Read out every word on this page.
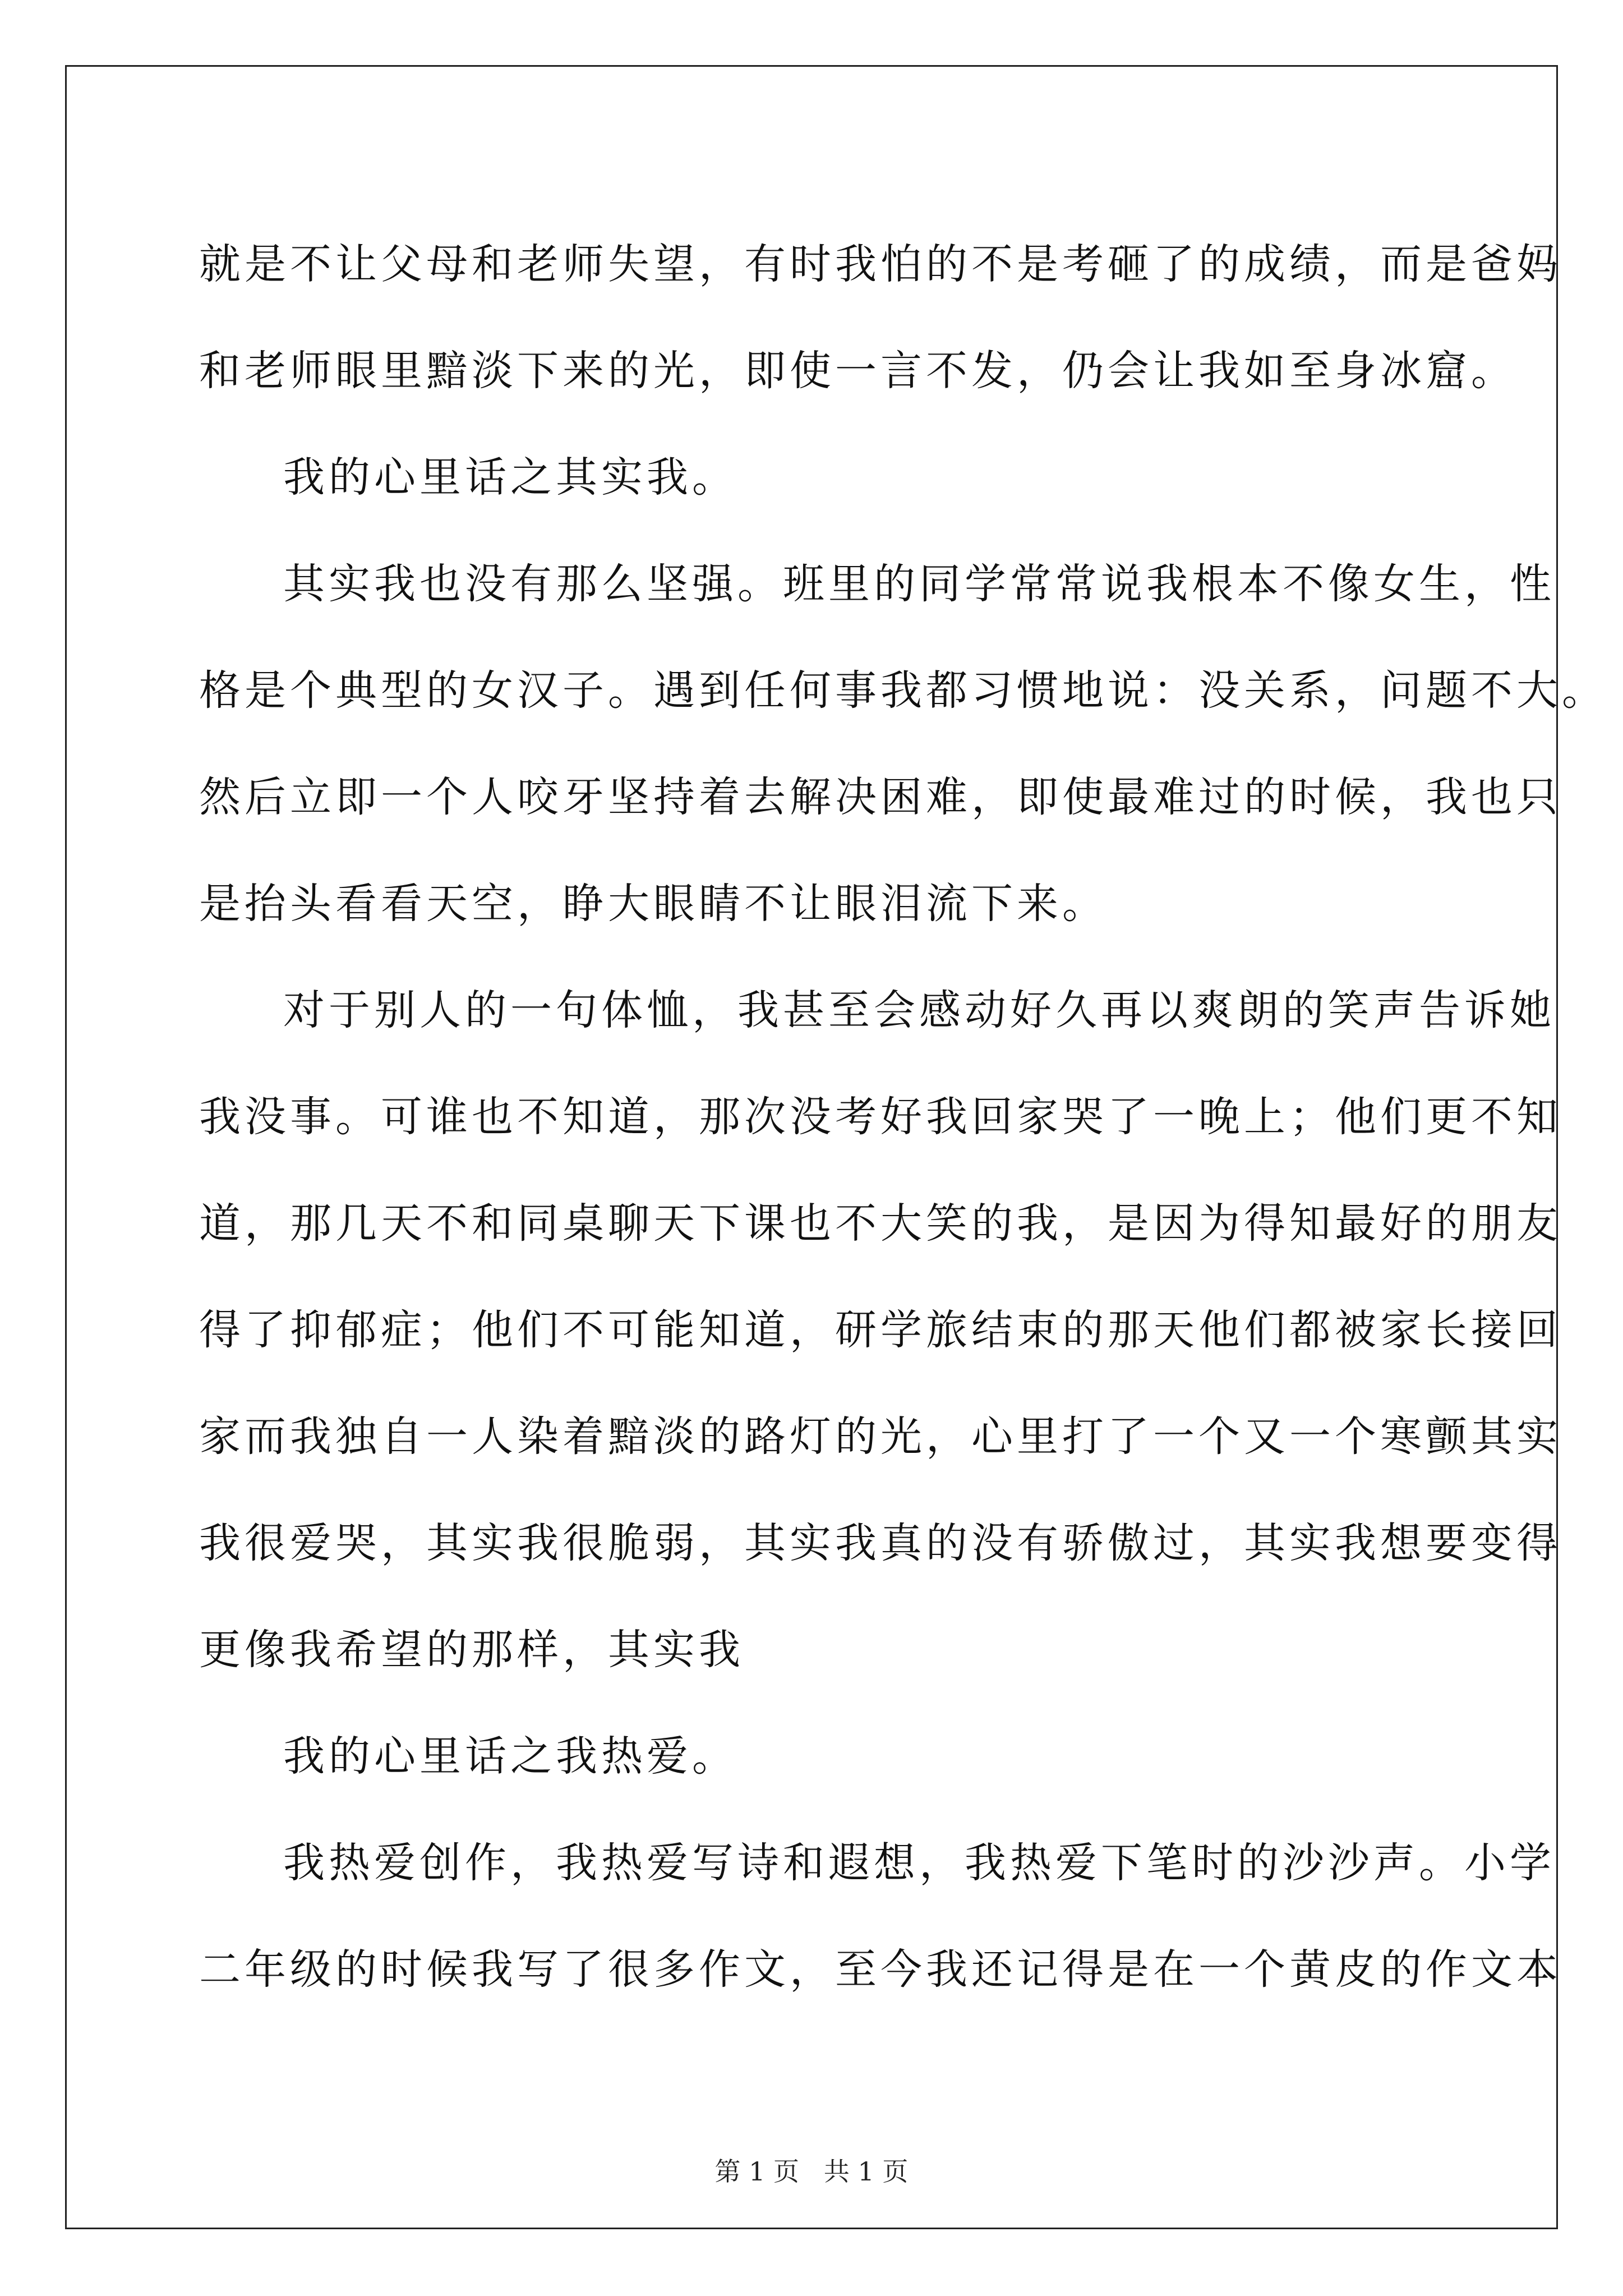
就是不让父母和老师失望，有时我怕的不是考砸了的成绩，而是爸妈
和老师眼里黯淡下来的光，即使一言不发，仍会让我如至身冰窟。
我的心里话之其实我。
其实我也没有那么坚强。班里的同学常常说我根本不像女生，性
格是个典型的女汉子。遇到任何事我都习惯地说：没关系，问题不大。
然后立即一个人咬牙坚持着去解决困难，即使最难过的时候，我也只
是抬头看看天空，睁大眼睛不让眼泪流下来。
对于别人的一句体恤，我甚至会感动好久再以爽朗的笑声告诉她
我没事。可谁也不知道，那次没考好我回家哭了一晚上；他们更不知
道，那几天不和同桌聊天下课也不大笑的我，是因为得知最好的朋友
得了抑郁症；他们不可能知道，研学旅结束的那天他们都被家长接回
家而我独自一人染着黯淡的路灯的光，心里打了一个又一个寒颤其实
我很爱哭，其实我很脆弱，其实我真的没有骄傲过，其实我想要变得
更像我希望的那样，其实我
我的心里话之我热爱。
我热爱创作，我热爱写诗和遐想，我热爱下笔时的沙沙声。小学
二年级的时候我写了很多作文，至今我还记得是在一个黄皮的作文本
第 1 页   共 1 页
